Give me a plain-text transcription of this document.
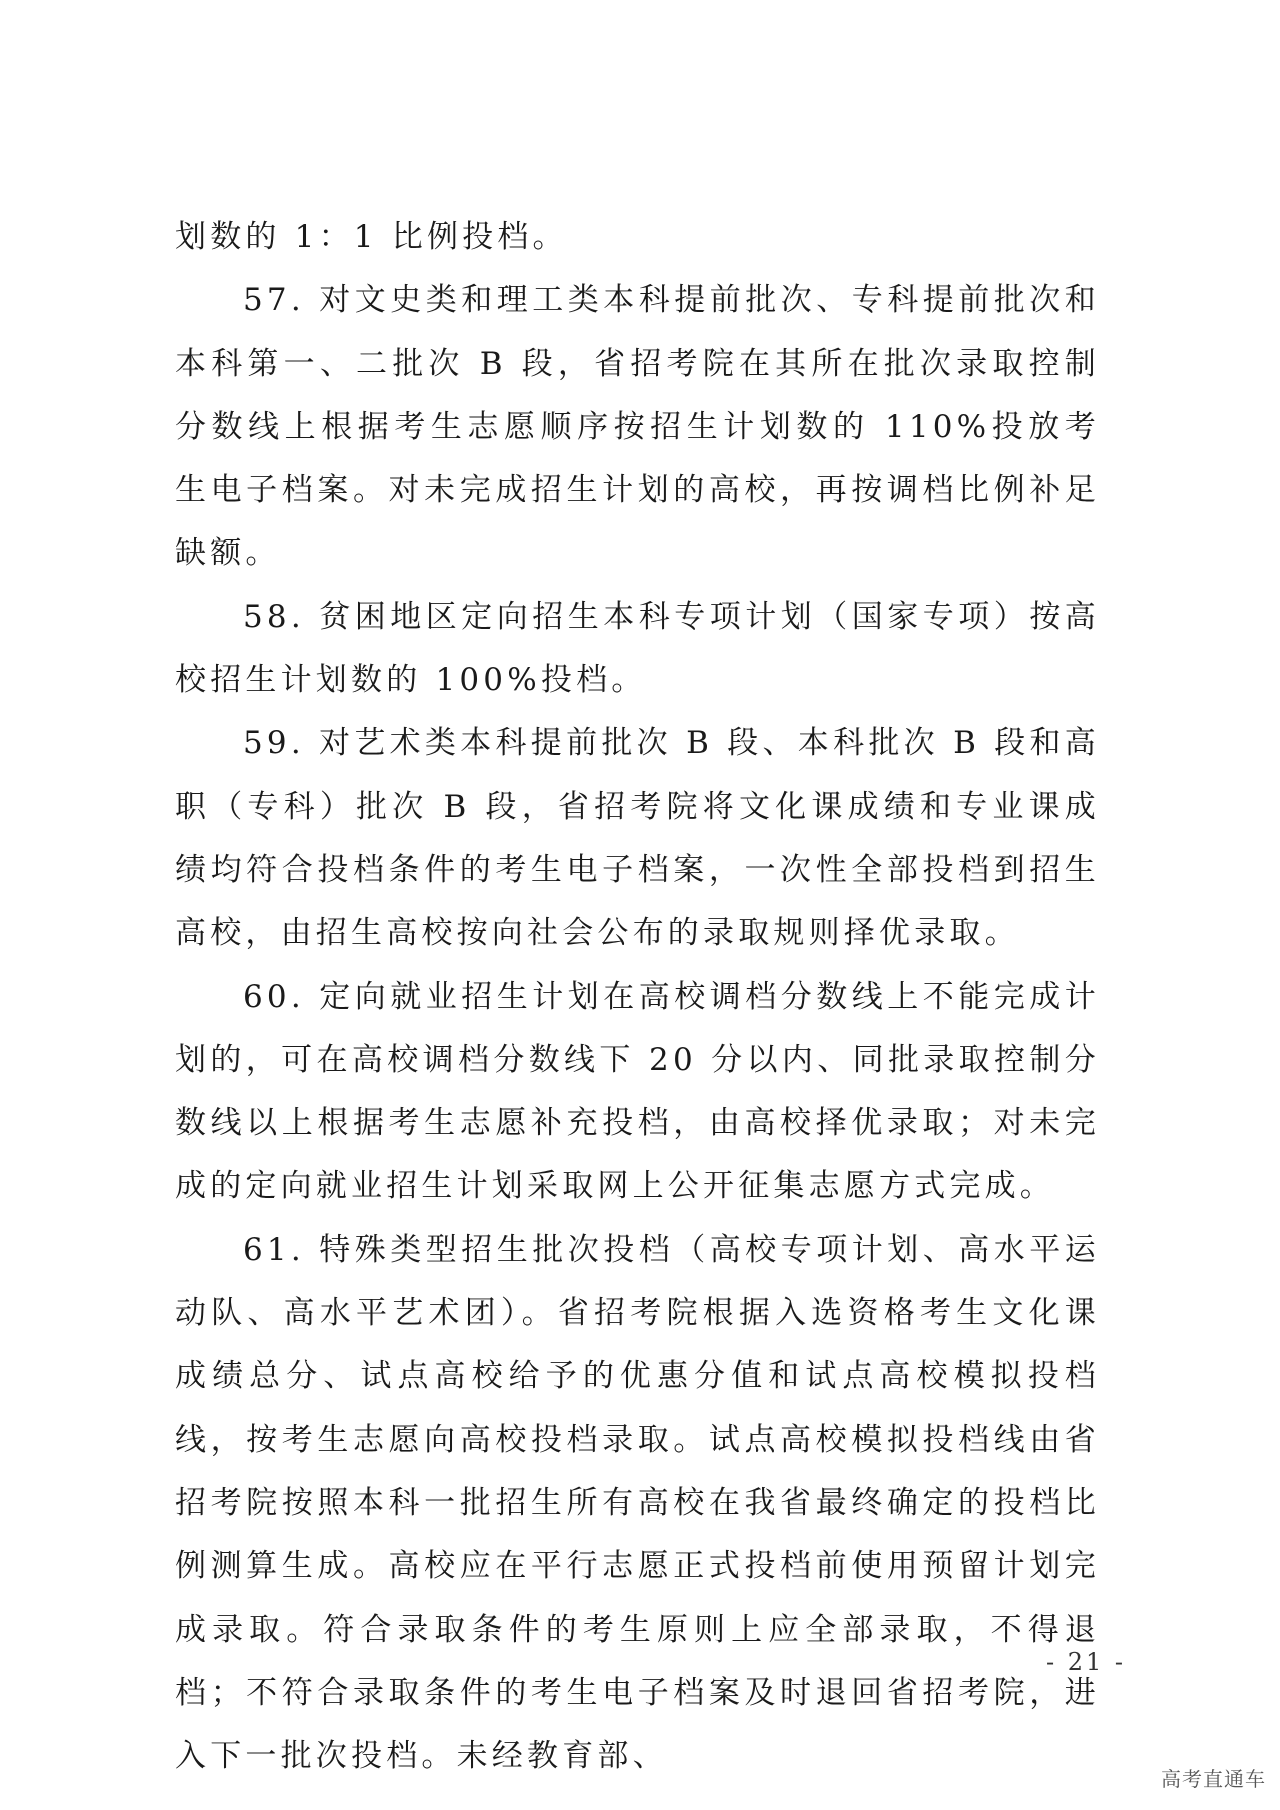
划数的 1：1 比例投档。

57. 对文史类和理工类本科提前批次、专科提前批次和本科第一、二批次 B 段，省招考院在其所在批次录取控制分数线上根据考生志愿顺序按招生计划数的 110%投放考生电子档案。对未完成招生计划的高校，再按调档比例补足缺额。

58. 贫困地区定向招生本科专项计划（国家专项）按高校招生计划数的 100%投档。

59. 对艺术类本科提前批次 B 段、本科批次 B 段和高职（专科）批次 B 段，省招考院将文化课成绩和专业课成绩均符合投档条件的考生电子档案，一次性全部投档到招生高校，由招生高校按向社会公布的录取规则择优录取。

60. 定向就业招生计划在高校调档分数线上不能完成计划的，可在高校调档分数线下 20 分以内、同批录取控制分数线以上根据考生志愿补充投档，由高校择优录取；对未完成的定向就业招生计划采取网上公开征集志愿方式完成。

61. 特殊类型招生批次投档（高校专项计划、高水平运动队、高水平艺术团）。省招考院根据入选资格考生文化课成绩总分、试点高校给予的优惠分值和试点高校模拟投档线，按考生志愿向高校投档录取。试点高校模拟投档线由省招考院按照本科一批招生所有高校在我省最终确定的投档比例测算生成。高校应在平行志愿正式投档前使用预留计划完成录取。符合录取条件的考生原则上应全部录取，不得退档；不符合录取条件的考生电子档案及时退回省招考院，进入下一批次投档。未经教育部、

- 21 -
高考直通车
